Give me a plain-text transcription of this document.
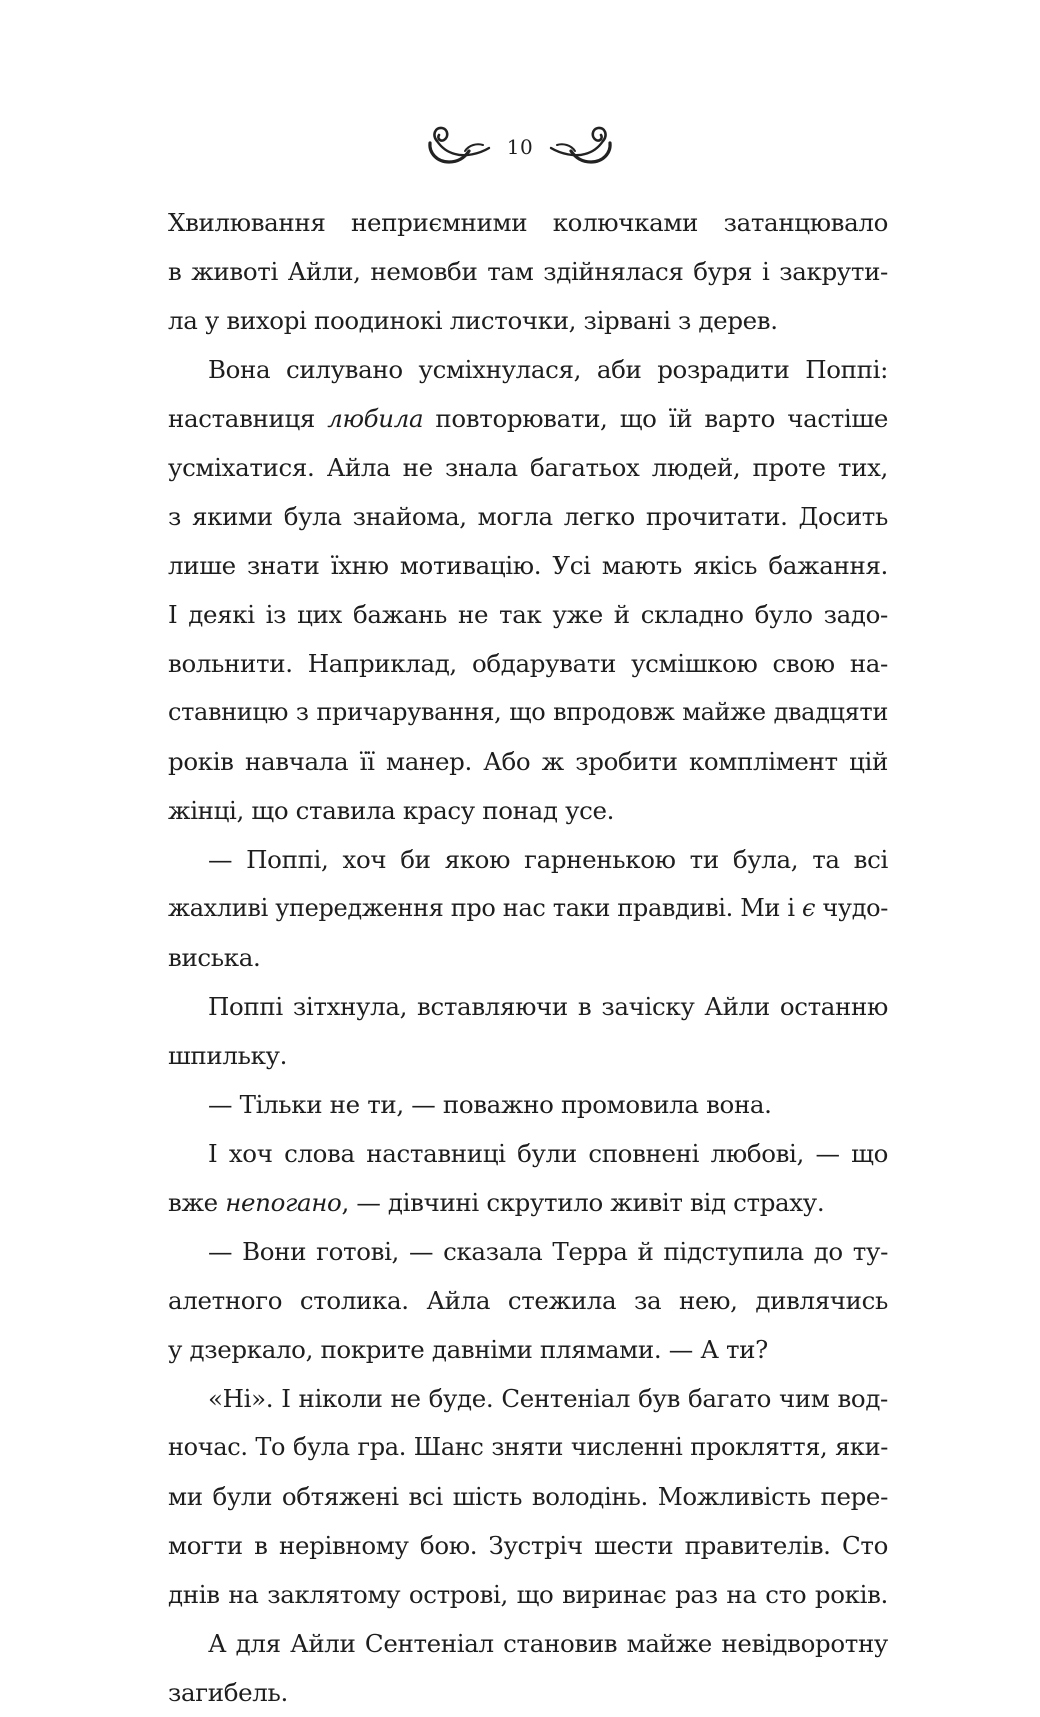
10
Хвилювання неприємними колючками затанцювало
в животі Айли, немовби там здійнялася буря і закрути-
ла у вихорі поодинокі листочки, зірвані з дерев.
Вона силувано усміхнулася, аби розрадити Поппі:
наставниця любила повторювати, що їй варто частіше
усміхатися. Айла не знала багатьох людей, проте тих,
з якими була знайома, могла легко прочитати. Досить
лише знати їхню мотивацію. Усі мають якісь бажання.
І деякі із цих бажань не так уже й складно було задо-
вольнити. Наприклад, обдарувати усмішкою свою на-
ставницю з причарування, що впродовж майже двадцяти
років навчала її манер. Або ж зробити комплімент цій
жінці, що ставила красу понад усе.
— Поппі, хоч би якою гарненькою ти була, та всі
жахливі упередження про нас таки правдиві. Ми і є чудо-
виська.
Поппі зітхнула, вставляючи в зачіску Айли останню
шпильку.
— Тільки не ти, — поважно промовила вона.
І хоч слова наставниці були сповнені любові, — що
вже непогано, — дівчині скрутило живіт від страху.
— Вони готові, — сказала Терра й підступила до ту-
алетного столика. Айла стежила за нею, дивлячись
у дзеркало, покрите давніми плямами. — А ти?
«Ні». І ніколи не буде. Сентеніал був багато чим вод-
ночас. То була гра. Шанс зняти численні прокляття, яки-
ми були обтяжені всі шість володінь. Можливість пере-
могти в нерівному бою. Зустріч шести правителів. Сто
днів на заклятому острові, що виринає раз на сто років.
А для Айли Сентеніал становив майже невідворотну
загибель.
